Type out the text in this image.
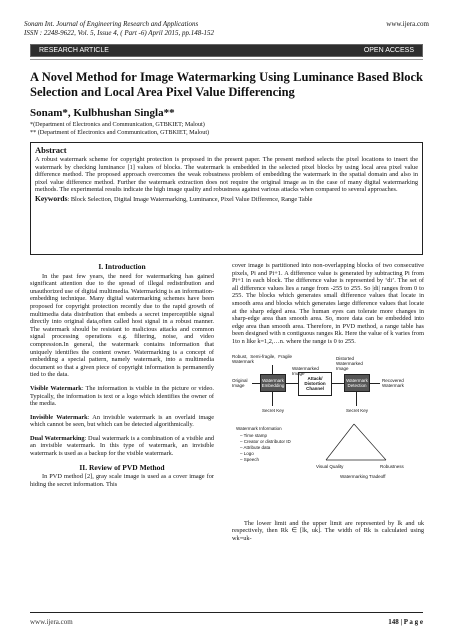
Sonam Int. Journal of Engineering Research and Applications	www.ijera.com
ISSN : 2248-9622, Vol. 5, Issue 4, ( Part -6) April 2015, pp.148-152
RESEARCH ARTICLE	OPEN ACCESS
A Novel Method for Image Watermarking Using Luminance Based Block Selection and Local Area Pixel Value Differencing
Sonam*, Kulbhushan Singla**
*(Department of Electronics and Communication, GTBKIET; Malout)
** (Department of Electronics and Communication, GTBKIET, Malout)
Abstract

A robust watermark scheme for copyright protection is proposed in the present paper. The present method selects the pixel locations to insert the watermark by checking luminance [1] values of blocks. The watermark is embedded in the selected pixel blocks by using local area pixel value difference method. The proposed approach overcomes the weak robustness problem of embedding the watermark in the spatial domain and also in pixel value difference method. Further the watermark extraction does not require the original image as in the case of many digital watermarking methods. The experimental results indicate the high image quality and robustness against various attacks when compared to several approaches.

Keywords: Block Selection, Digital Image Watermarking, Luminance, Pixel Value Difference, Range Table
I. Introduction

In the past few years, the need for watermarking has gained significant attention due to the spread of illegal redistribution and unauthorized use of digital multimedia. Watermarking is an information-embedding technique. Many digital watermarking schemes have been proposed for copyright protection recently due to the rapid growth of multimedia data distribution that embeds a secret imperceptible signal directly into original data,often called host signal in a robust manner. The watermark should be resistant to malicious attacks and common signal processing operations e.g. filtering, noise, and video compression.In general, the watermark contains information that uniquely identifies the content owner. Watermarking is a concept of embedding a special pattern, namely watermark, into a multimedia document so that a given piece of copyright information is permanently tied to the data.

Visible Watermark: The information is visible in the picture or video. Typically, the information is text or a logo which identifies the owner of the media.

Invisible Watermark: An invisible watermark is an overlaid image which cannot be seen, but which can be detected algorithmically.

Dual Watermarking: Dual watermark is a combination of a visible and an invisible watermark. In this type of watermark, an invisible watermark is used as a backup for the visible watermark.

II. Review of PVD Method

In PVD method [2], gray scale image is used as a cover image for hiding the secret information. This

cover image is partitioned into non-overlapping blocks of two consecutive pixels, Pi and Pi+1. A difference value is generated by subtracting Pi from Pi+1 in each block. The difference value is represented by ‘di’. The set of all difference values lies a range from -255 to 255. So |di| ranges from 0 to 255. The blocks which generates small difference values that locate in smooth area and blocks which generates large difference values that locate at the sharp edged area. The human eyes can tolerate more changes in sharp-edge area than smooth area. So, more data can be embedded into edge area than smooth area. Therefore, in PVD method, a range table has been designed with n contiguous ranges Rk. Here the value of k varies from 1to n like k=1,2,…n. where the range is 0 to 255.

Robust, Semi-fragile, Fragile Watermark
Original Image
Watermark Embedding
Watermarked Image
Attack/ Distortion Channel
Distorted Watermarked Image
Watermark Detection
Recovered Watermark
Secret Key	Secret Key
Watermark Information
– Time stamp
– Creator or distributor ID
– Attribute data
– Logo
– Speech
Visual Quality	Robustness
Watermarking Tradeoff

The lower limit and the upper limit are represented by lk and uk respectively, then Rk ∈ [lk, uk]. The width of Rk is calculated using wk=uk-

www.ijera.com	148 | P a g e
